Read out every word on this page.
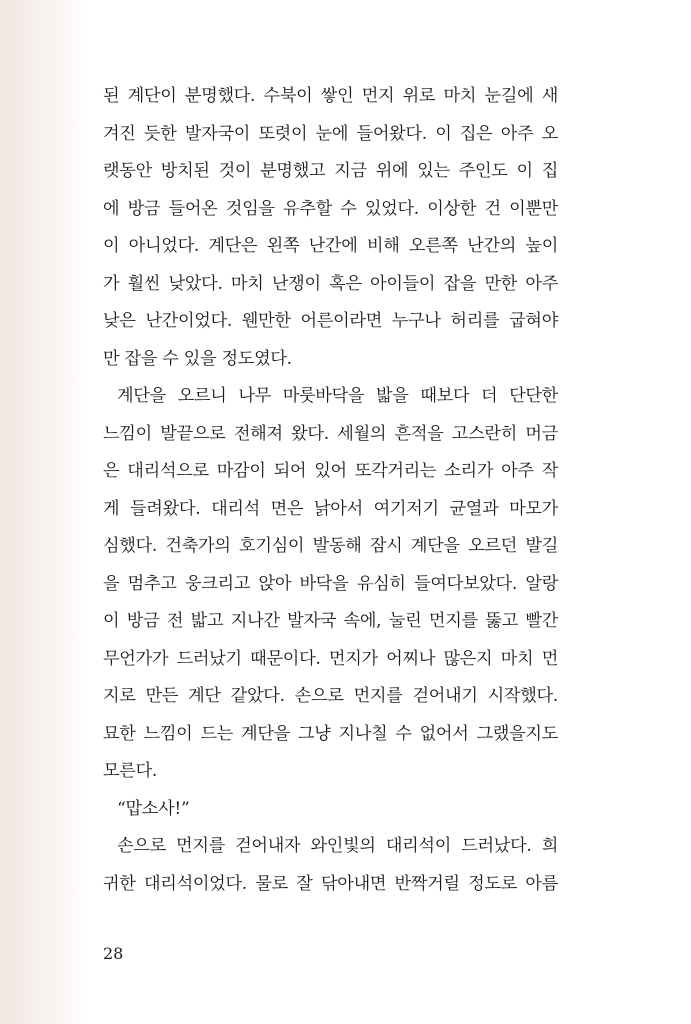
된 계단이 분명했다. 수북이 쌓인 먼지 위로 마치 눈길에 새
겨진 듯한 발자국이 또렷이 눈에 들어왔다. 이 집은 아주 오
랫동안 방치된 것이 분명했고 지금 위에 있는 주인도 이 집
에 방금 들어온 것임을 유추할 수 있었다. 이상한 건 이뿐만
이 아니었다. 계단은 왼쪽 난간에 비해 오른쪽 난간의 높이
가 훨씬 낮았다. 마치 난쟁이 혹은 아이들이 잡을 만한 아주
낮은 난간이었다. 웬만한 어른이라면 누구나 허리를 굽혀야
만 잡을 수 있을 정도였다.
계단을 오르니 나무 마룻바닥을 밟을 때보다 더 단단한
느낌이 발끝으로 전해져 왔다. 세월의 흔적을 고스란히 머금
은 대리석으로 마감이 되어 있어 또각거리는 소리가 아주 작
게 들려왔다. 대리석 면은 낡아서 여기저기 균열과 마모가
심했다. 건축가의 호기심이 발동해 잠시 계단을 오르던 발길
을 멈추고 웅크리고 앉아 바닥을 유심히 들여다보았다. 알랑
이 방금 전 밟고 지나간 발자국 속에, 눌린 먼지를 뚫고 빨간
무언가가 드러났기 때문이다. 먼지가 어찌나 많은지 마치 먼
지로 만든 계단 같았다. 손으로 먼지를 걷어내기 시작했다.
묘한 느낌이 드는 계단을 그냥 지나칠 수 없어서 그랬을지도
모른다.
“맙소사!”
손으로 먼지를 걷어내자 와인빛의 대리석이 드러났다. 희
귀한 대리석이었다. 물로 잘 닦아내면 반짝거릴 정도로 아름
28
